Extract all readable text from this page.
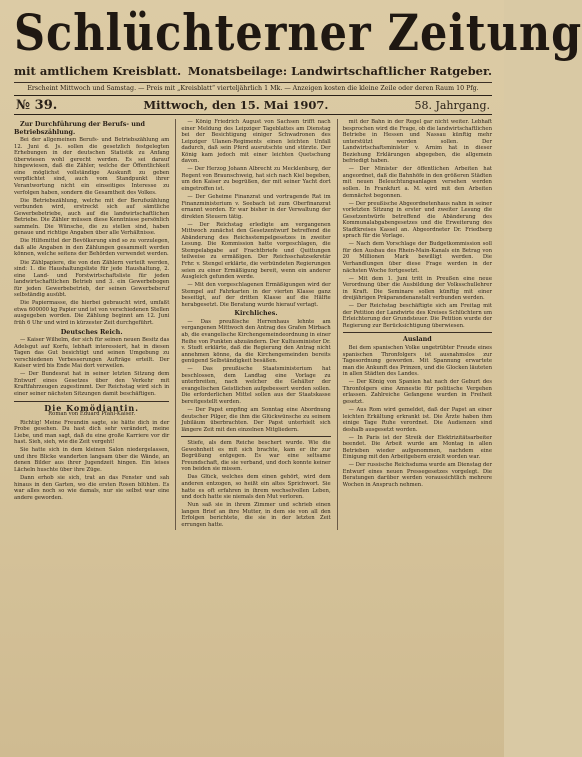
Schlüchterner Zeitung
mit amtlichem Kreisblatt. Monatsbeilage: Landwirtschaftlicher Ratgeber.
Erscheint Mittwoch und Samstag. — Preis mit „Kreisblatt“ vierteljährlich 1 Mk. — Anzeigen kosten die kleine Zeile oder deren Raum 10 Pfg.
№ 39.	Mittwoch, den 15. Mai 1907.	58. Jahrgang.
Zur Durchführung der Berufs- und Betriebszählung.

Bei der allgemeinen Berufs- und Betriebszählung am 12. Juni d. Js. sollen die gesetzlich festgelegten Erhebungen in der deutschen Statistik zu Anfang überwiesen wohl gerecht werden. Es sei darauf hingewiesen, daß die Zähler, welche der Öffentlichkeit eine möglichst vollständige Auskunft zu geben verpflichtet sind, auch vom Standpunkt ihrer Verantwortung nicht ein einseitiges Interesse zu verfolgen haben, sondern die Gesamtheit des Volkes.

Die Betriebszählung, welche mit der Berufszählung verbunden wird, erstreckt sich auf sämtliche Gewerbebetriebe, auch auf die landwirtschaftlichen Betriebe. Die Zähler müssen diese Kenntnisse persönlich sammeln. Die Wünsche, die zu stellen sind, haben genaue und richtige Angaben über alle Verhältnisse.

Die Hilfsmittel der Bevölkerung sind so zu vorzulegen, daß alle Angaben in den Zählungen gesammelt werden können, welche seitens der Behörden verwendet werden.

Die Zählpapiere, die von den Zählern verteilt werden, sind: 1. die Haushaltungsliste für jede Haushaltung, 2. eine Land- und Forstwirtschaftsliste für jeden landwirtschaftlichen Betrieb und 3. ein Gewerbebogen für jeden Gewerbebetrieb, der seinen Gewerbeberuf selbständig ausübt.

Die Papiermasse, die hierbei gebraucht wird, umfaßt etwa 600000 kg Papier und ist von verschiedenen Stellen ausgegeben worden. Die Zählung beginnt am 12. Juni früh 6 Uhr und wird in kürzester Zeit durchgeführt.

Deutsches Reich.

— Kaiser Wilhelm, der sich für seinen neuen Besitz das Adelsgut auf Korfu, lebhaft interessiert, hat in diesen Tagen das Gut besichtigt und seinen Umgebung zu verschiedenen Verbesserungen Aufträge erteilt. Der Kaiser wird bis Ende Mai dort verweilen.

— Der Bundesrat hat in seiner letzten Sitzung dem Entwurf eines Gesetzes über den Verkehr mit Kraftfahrzeugen zugestimmt. Der Reichstag wird sich in einer seiner nächsten Sitzungen damit beschäftigen.

Die Komödiantin.
Roman von Eduard Pfahl-Kaiser.

Richtig! Meine Freundin sagte, sie hätte dich in der Probe gesehen. Du hast dich sehr verändert, meine Liebe, und man sagt, daß du eine große Karriere vor dir hast. Sieh, sieh, wie die Zeit vergeht!

Sie hatte sich in dem kleinen Salon niedergelassen, und ihre Blicke wanderten langsam über die Wände, an denen Bilder aus ihrer Jugendzeit hingen. Ein leises Lächeln huschte über ihre Züge.

Dann erhob sie sich, trat an das Fenster und sah hinaus in den Garten, wo die ersten Rosen blühten. Es war alles noch so wie damals, nur sie selbst war eine andere geworden.

— König Friedrich August von Sachsen trifft nach einer Meldung des Leipziger Tageblattes am Dienstag bei der Besichtigung einiger Schwadronen des Leipziger Ulanen-Regiments einen leichten Unfall dadurch, daß sein Pferd ausrutschte und stürzte. Der König kam jedoch mit einer leichten Quetschung davon.

— Der Herzog Johann Albrecht zu Mecklenburg, der Regent von Braunschweig, hat sich nach Kiel begeben, um den Kaiser zu begrüßen, der mit seiner Yacht dort eingetroffen ist.

— Der Geheime Finanzrat und vortragende Rat im Finanzministerium v. Seebach ist zum Oberfinanzrat ernannt worden. Er war bisher in der Verwaltung der direkten Steuern tätig.

— Der Reichstag erledigte am vergangenen Mittwoch zunächst den Gesetzentwurf betreffend die Abänderung des Reichsstempelgesetzes in zweiter Lesung. Die Kommission hatte vorgeschlagen, die Stempelabgabe auf Frachtbriefe und Quittungen teilweise zu ermäßigen. Der Reichsschatzsekretär Frhr. v. Stengel erklärte, die verbündeten Regierungen seien zu einer Ermäßigung bereit, wenn ein anderer Ausgleich gefunden werde.

— Mit den vorgeschlagenen Ermäßigungen wird der Stempel auf Fahrkarten in der vierten Klasse ganz beseitigt, auf der dritten Klasse auf die Hälfte herabgesetzt. Die Beratung wurde hierauf vertagt.

Kirchliches.

— Das preußische Herrenhaus lehnte am vergangenen Mittwoch den Antrag des Grafen Mirbach ab, die evangelische Kirchengemeindeordnung in einer Reihe von Punkten abzuändern. Der Kultusminister Dr. v. Studt erklärte, daß die Regierung den Antrag nicht annehmen könne, da die Kirchengemeinden bereits genügend Selbständigkeit besäßen.

— Das preußische Staatsministerium hat beschlossen, dem Landtag eine Vorlage zu unterbreiten, nach welcher die Gehälter der evangelischen Geistlichen aufgebessert werden sollen. Die erforderlichen Mittel sollen aus der Staatskasse bereitgestellt werden.

— Der Papst empfing am Sonntag eine Abordnung deutscher Pilger, die ihm die Glückwünsche zu seinem Jubiläum überbrachten. Der Papst unterhielt sich längere Zeit mit den einzelnen Mitgliedern.

Stiefe, als dem Reiche beschert wurde. Wie die Gewohnheit es mit sich brachte, kam er ihr zur Begrüßung entgegen. Es war eine seltsame Freundschaft, die sie verband, und doch konnte keiner von beiden sie missen.

Das Glück, welches dem einen gehört, wird dem anderen entzogen, so heißt ein altes Sprichwort. Sie hatte es oft erfahren in ihrem wechselvollen Leben, und doch hatte sie niemals den Mut verloren.

Nun saß sie in ihrem Zimmer und schrieb einen langen Brief an ihre Mutter, in dem sie von all den Erfolgen berichtete, die sie in der letzten Zeit errungen hatte.

mit der Bahn in der Regel gar nicht weiter. Lebhaft besprochen wird die Frage, ob die landwirtschaftlichen Betriebe in Hessen und Nassau künftig mehr unterstützt werden sollen. Der Landwirtschaftsminister v. Arnim hat in dieser Beziehung Erklärungen abgegeben, die allgemein befriedigt haben.

— Der Minister der öffentlichen Arbeiten hat angeordnet, daß die Bahnhöfe in den größeren Städten mit neuen Beleuchtungsanlagen versehen werden sollen. In Frankfurt a. M. wird mit den Arbeiten demnächst begonnen.

— Der preußische Abgeordnetenhaus nahm in seiner vorletzten Sitzung in erster und zweiter Lesung die Gesetzentwürfe betreffend die Abänderung des Kommunalabgabengesetzes und die Erweiterung des Stadtkreises Kassel an. Abgeordneter Dr. Friedberg sprach für die Vorlage.

— Nach dem Vorschlage der Budgetkommission soll für den Ausbau des Rhein-Main-Kanals ein Betrag von 20 Millionen Mark bewilligt werden. Die Verhandlungen über diese Frage werden in der nächsten Woche fortgesetzt.

— Mit dem 1. Juni tritt in Preußen eine neue Verordnung über die Ausbildung der Volksschullehrer in Kraft. Die Seminare sollen künftig mit einer dreijährigen Präparandenanstalt verbunden werden.

— Der Reichstag beschäftigte sich am Freitag mit der Petition der Landwirte des Kreises Schlüchtern um Erleichterung der Grundsteuer. Die Petition wurde der Regierung zur Berücksichtigung überwiesen.

Ausland

Bei dem spanischen Volke ungetrübter Freude eines spanischen Thronfolgers ist ausnahmslos zur Tagesordnung geworden. Mit Spannung erwartete man die Ankunft des Prinzen, und die Glocken läuteten in allen Städten des Landes.

— Der König von Spanien hat nach der Geburt des Thronfolgers eine Amnestie für politische Vergehen erlassen. Zahlreiche Gefangene wurden in Freiheit gesetzt.

— Aus Rom wird gemeldet, daß der Papst an einer leichten Erkältung erkrankt ist. Die Ärzte haben ihm einige Tage Ruhe verordnet. Die Audienzen sind deshalb ausgesetzt worden.

— In Paris ist der Streik der Elektrizitätsarbeiter beendet. Die Arbeit wurde am Montag in allen Betrieben wieder aufgenommen, nachdem eine Einigung mit den Arbeitgebern erzielt worden war.

— Der russische Reichsduma wurde am Dienstag der Entwurf eines neuen Pressegesetzes vorgelegt. Die Beratungen darüber werden voraussichtlich mehrere Wochen in Anspruch nehmen.
